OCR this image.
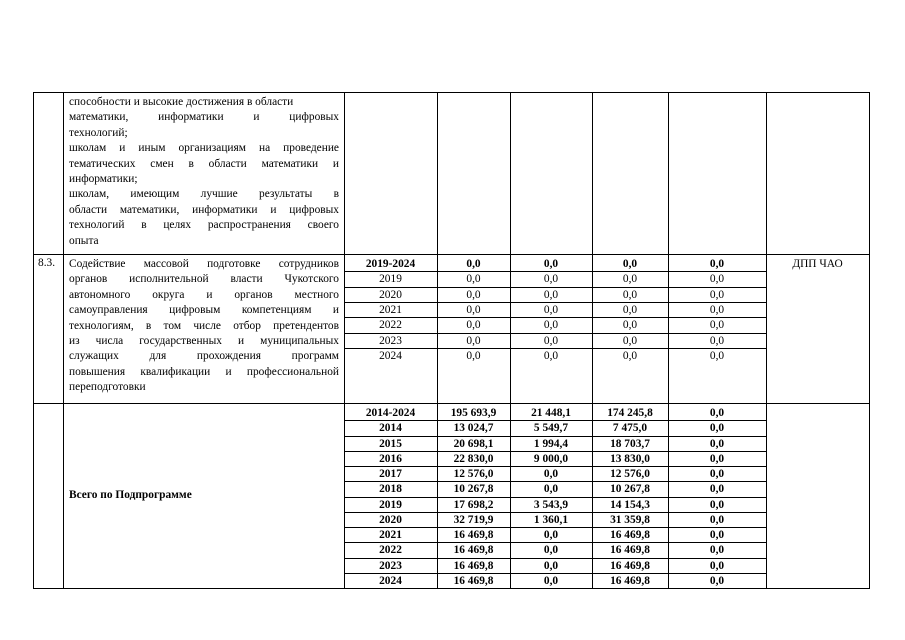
способности и высокие достижения в области
математики, информатики и цифровых
технологий;
школам и иным организациям на проведение
тематических смен в области математики и
информатики;
школам, имеющим лучшие результаты в
области математики, информатики и цифровых
технологий в целях распространения своего
опыта
8.3. Содействие массовой подготовке сотрудников
органов исполнительной власти Чукотского
автономного округа и органов местного
самоуправления цифровым компетенциям и
технологиям, в том числе отбор претендентов
из числа государственных и муниципальных
служащих для прохождения программ
повышения квалификации и профессиональной
переподготовки
ДПП ЧАО
2019-2024	0,0	0,0	0,0	0,0
2019	0,0	0,0	0,0	0,0
2020	0,0	0,0	0,0	0,0
2021	0,0	0,0	0,0	0,0
2022	0,0	0,0	0,0	0,0
2023	0,0	0,0	0,0	0,0
2024	0,0	0,0	0,0	0,0
Всего по Подпрограмме
2014-2024	195 693,9	21 448,1	174 245,8	0,0
2014	13 024,7	5 549,7	7 475,0	0,0
2015	20 698,1	1 994,4	18 703,7	0,0
2016	22 830,0	9 000,0	13 830,0	0,0
2017	12 576,0	0,0	12 576,0	0,0
2018	10 267,8	0,0	10 267,8	0,0
2019	17 698,2	3 543,9	14 154,3	0,0
2020	32 719,9	1 360,1	31 359,8	0,0
2021	16 469,8	0,0	16 469,8	0,0
2022	16 469,8	0,0	16 469,8	0,0
2023	16 469,8	0,0	16 469,8	0,0
2024	16 469,8	0,0	16 469,8	0,0
